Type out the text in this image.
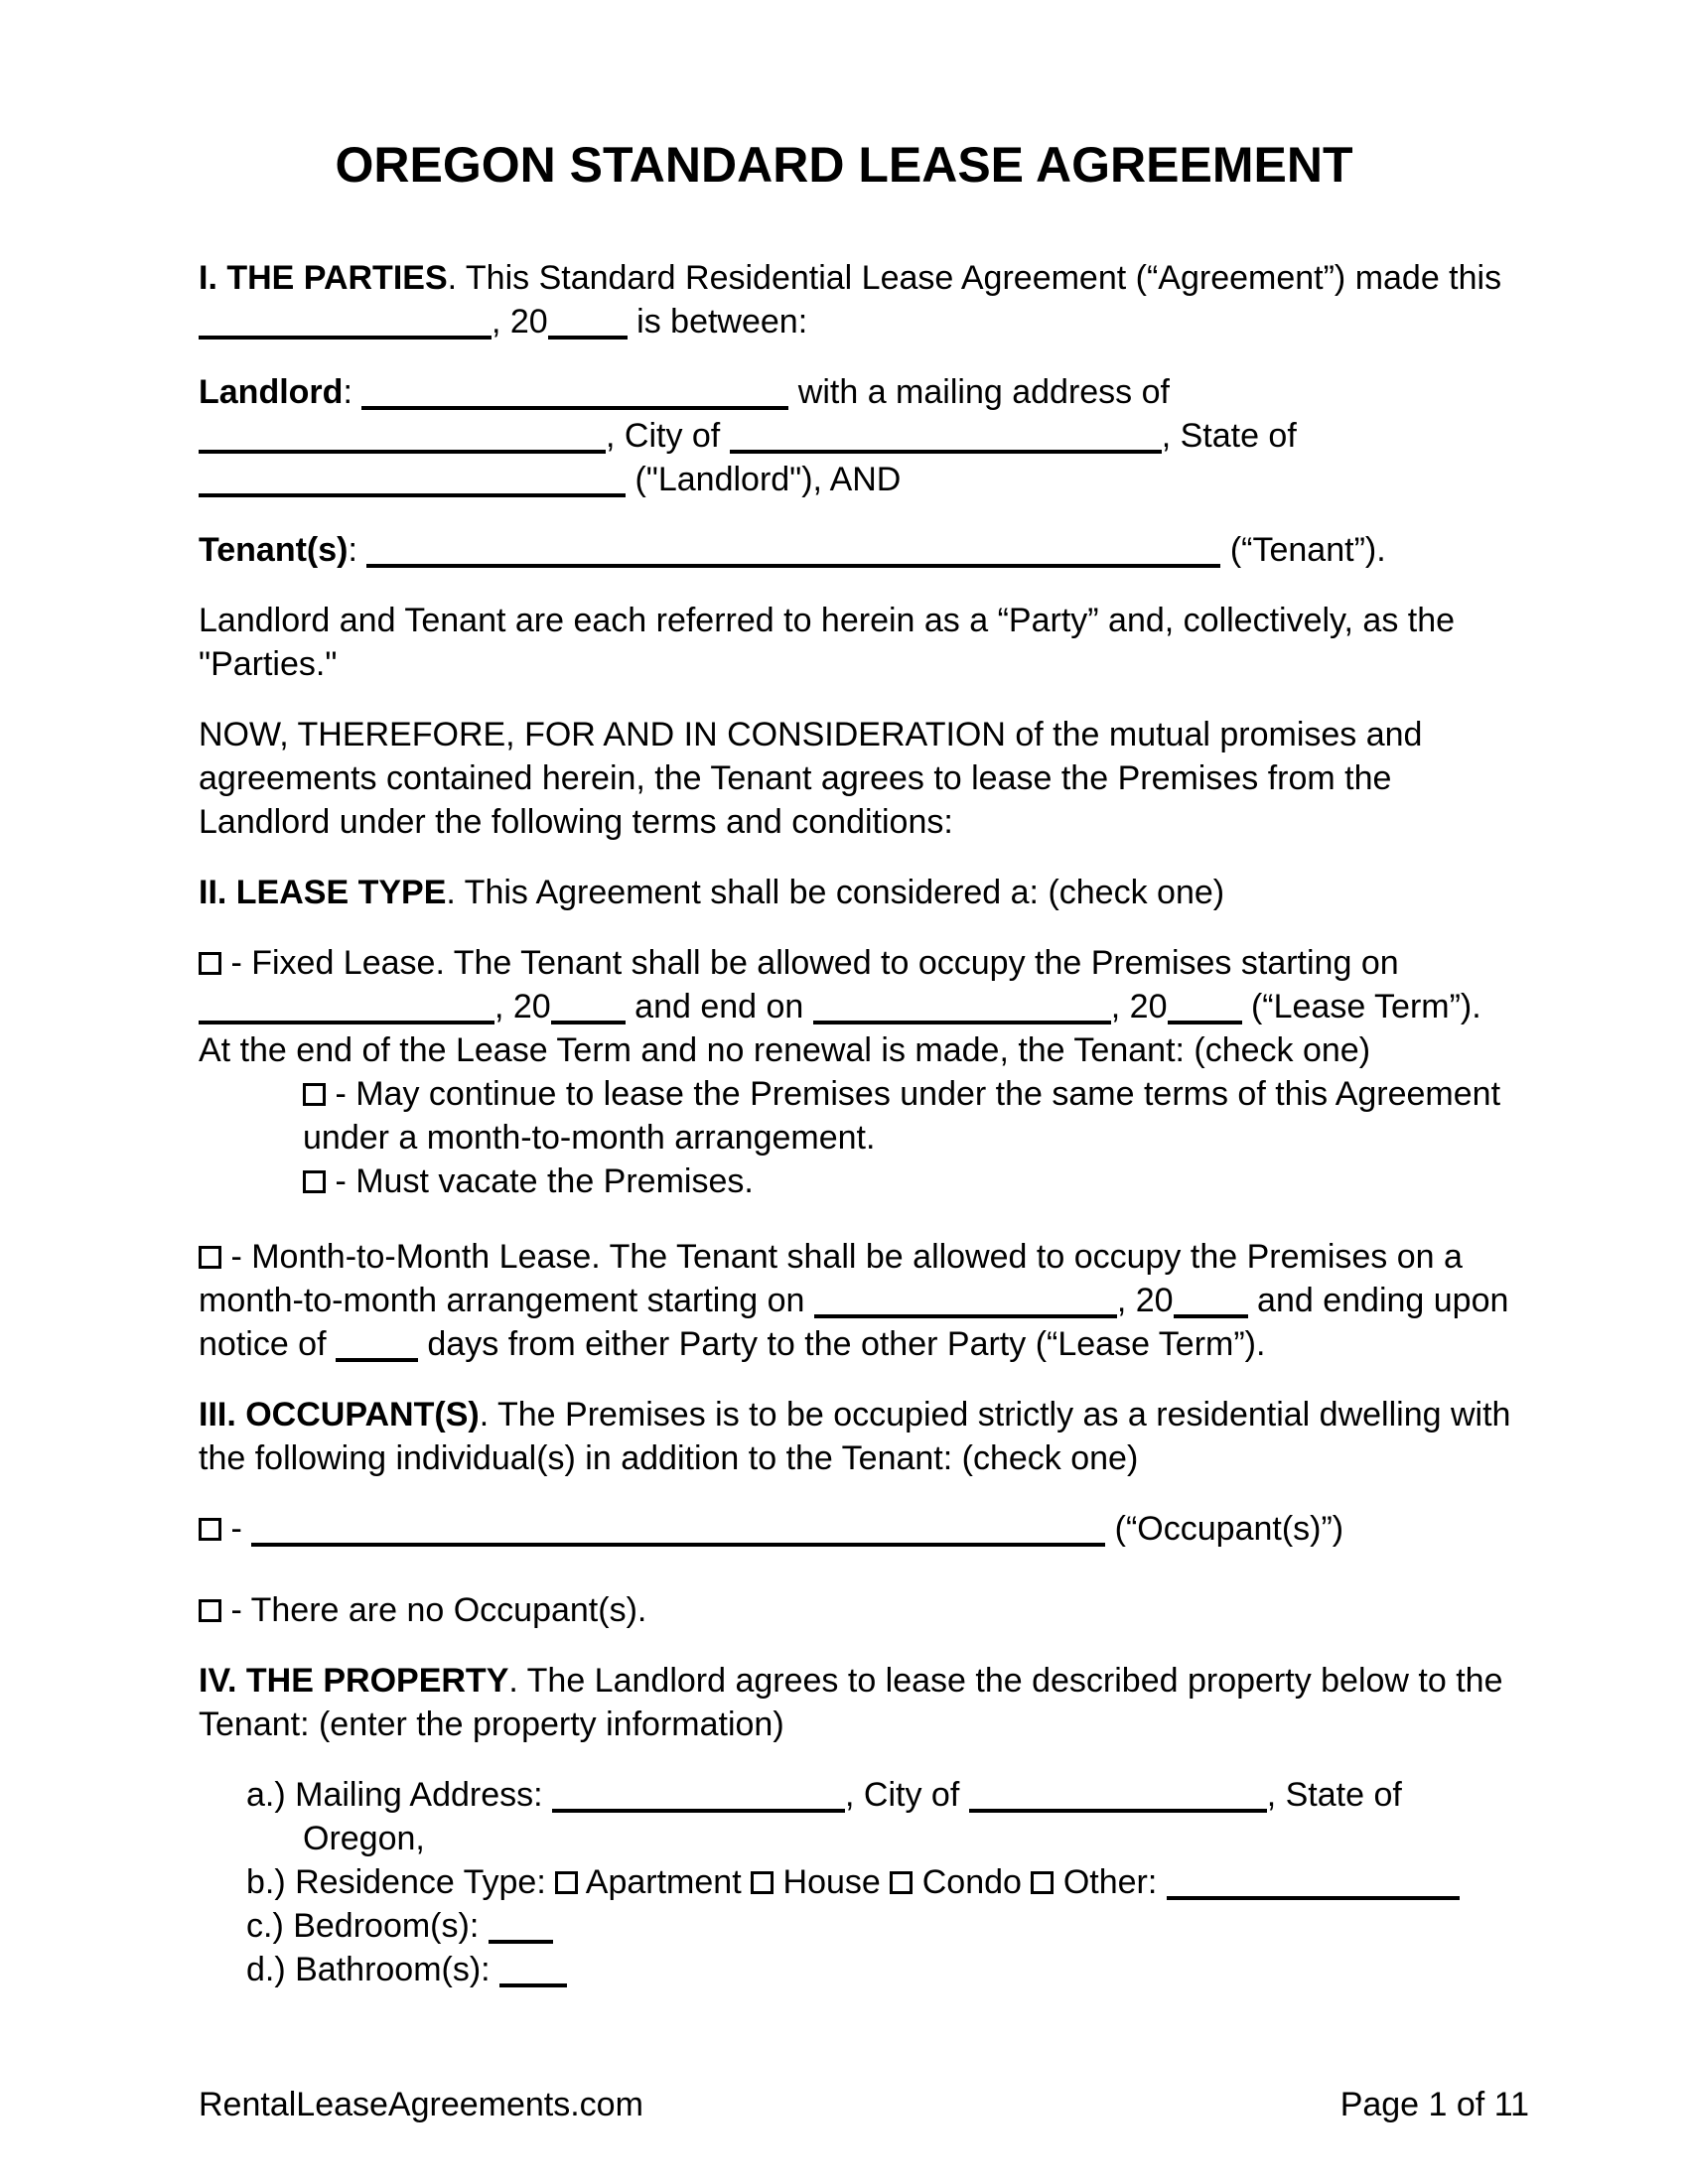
OREGON STANDARD LEASE AGREEMENT
I. THE PARTIES. This Standard Residential Lease Agreement (“Agreement”) made this
, 20 is between:
Landlord:	with a mailing address of
, City of	, State of
("Landlord"), AND
Tenant(s):	(“Tenant”).
Landlord and Tenant are each referred to herein as a “Party” and, collectively, as the
"Parties."
NOW, THEREFORE, FOR AND IN CONSIDERATION of the mutual promises and
agreements contained herein, the Tenant agrees to lease the Premises from the
Landlord under the following terms and conditions:
II. LEASE TYPE. This Agreement shall be considered a: (check one)
- Fixed Lease. The Tenant shall be allowed to occupy the Premises starting on
, 20 and end on	, 20 (“Lease Term”).
At the end of the Lease Term and no renewal is made, the Tenant: (check one)
- May continue to lease the Premises under the same terms of this Agreement
under a month-to-month arrangement.
- Must vacate the Premises.
- Month-to-Month Lease. The Tenant shall be allowed to occupy the Premises on a
month-to-month arrangement starting on	, 20 and ending upon
notice of  days from either Party to the other Party (“Lease Term”).
III. OCCUPANT(S). The Premises is to be occupied strictly as a residential dwelling with
the following individual(s) in addition to the Tenant: (check one)
-	(“Occupant(s)”)
- There are no Occupant(s).
IV. THE PROPERTY. The Landlord agrees to lease the described property below to the
Tenant: (enter the property information)
a.) Mailing Address:	, City of	, State of
Oregon,
b.) Residence Type:  Apartment  House  Condo  Other:
c.) Bedroom(s):
d.) Bathroom(s):
RentalLeaseAgreements.com	Page 1 of 11
